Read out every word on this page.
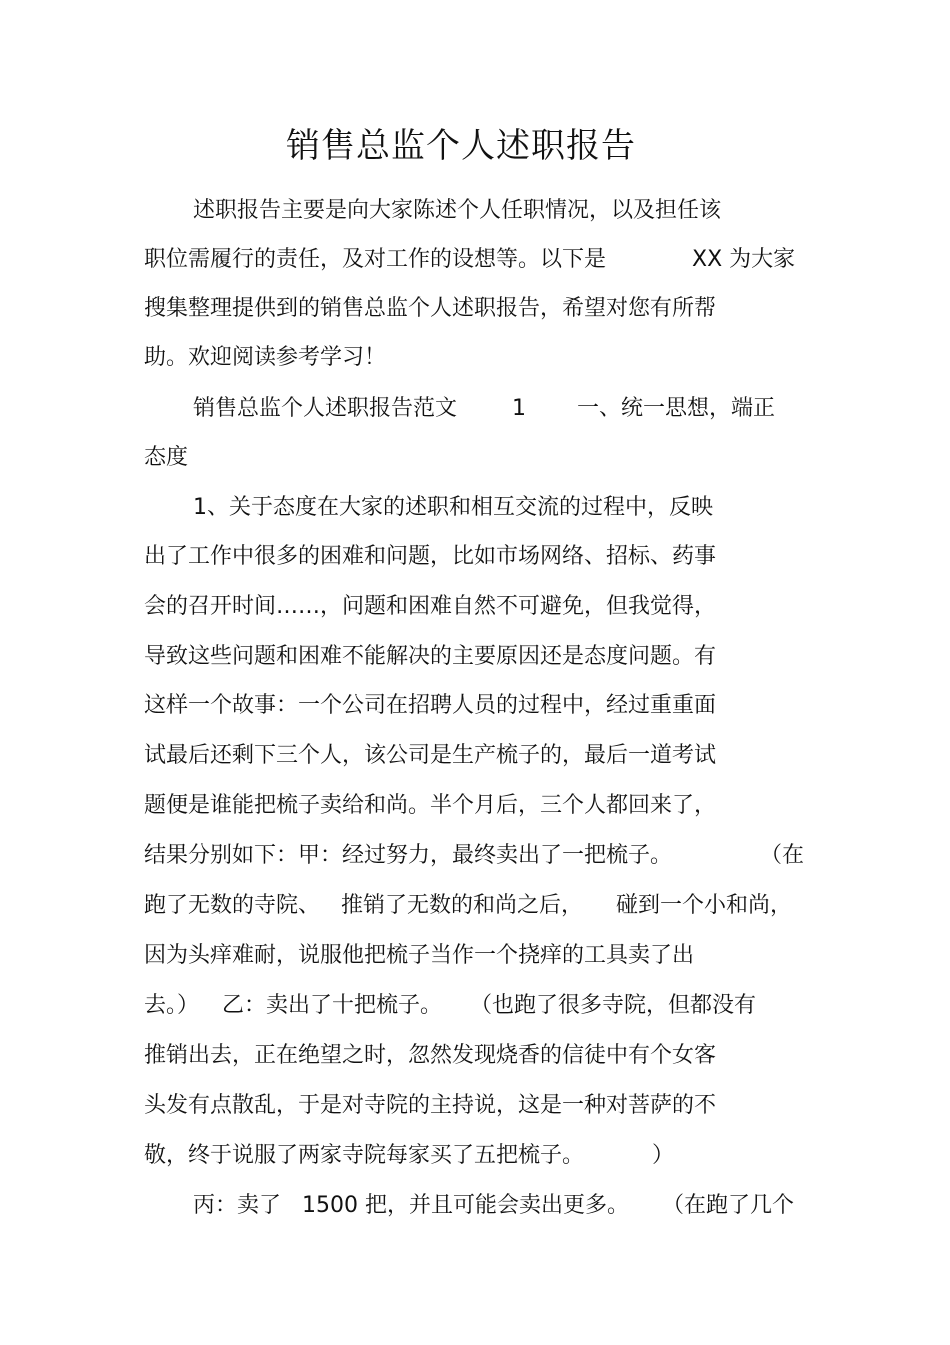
销售总监个人述职报告
述职报告主要是向大家陈述个人任职情况，以及担任该
职位需履行的责任，及对工作的设想等。以下是	XX 为大家
搜集整理提供到的销售总监个人述职报告，希望对您有所帮
助。欢迎阅读参考学习！
销售总监个人述职报告范文 1 一、统一思想，端正
态度
1、关于态度在大家的述职和相互交流的过程中，反映
出了工作中很多的困难和问题，比如市场网络、招标、药事
会的召开时间……，问题和困难自然不可避免，但我觉得，
导致这些问题和困难不能解决的主要原因还是态度问题。有
这样一个故事：一个公司在招聘人员的过程中，经过重重面
试最后还剩下三个人，该公司是生产梳子的，最后一道考试
题便是谁能把梳子卖给和尚。半个月后，三个人都回来了，
结果分别如下：甲：经过努力，最终卖出了一把梳子。	（在
跑了无数的寺院、 推销了无数的和尚之后， 碰到一个小和尚，
因为头痒难耐，说服他把梳子当作一个挠痒的工具卖了出
去。） 乙：卖出了十把梳子。 （也跑了很多寺院，但都没有
推销出去，正在绝望之时，忽然发现烧香的信徒中有个女客
头发有点散乱，于是对寺院的主持说，这是一种对菩萨的不
敬，终于说服了两家寺院每家买了五把梳子。	）
丙：卖了 1500 把，并且可能会卖出更多。 （在跑了几个
